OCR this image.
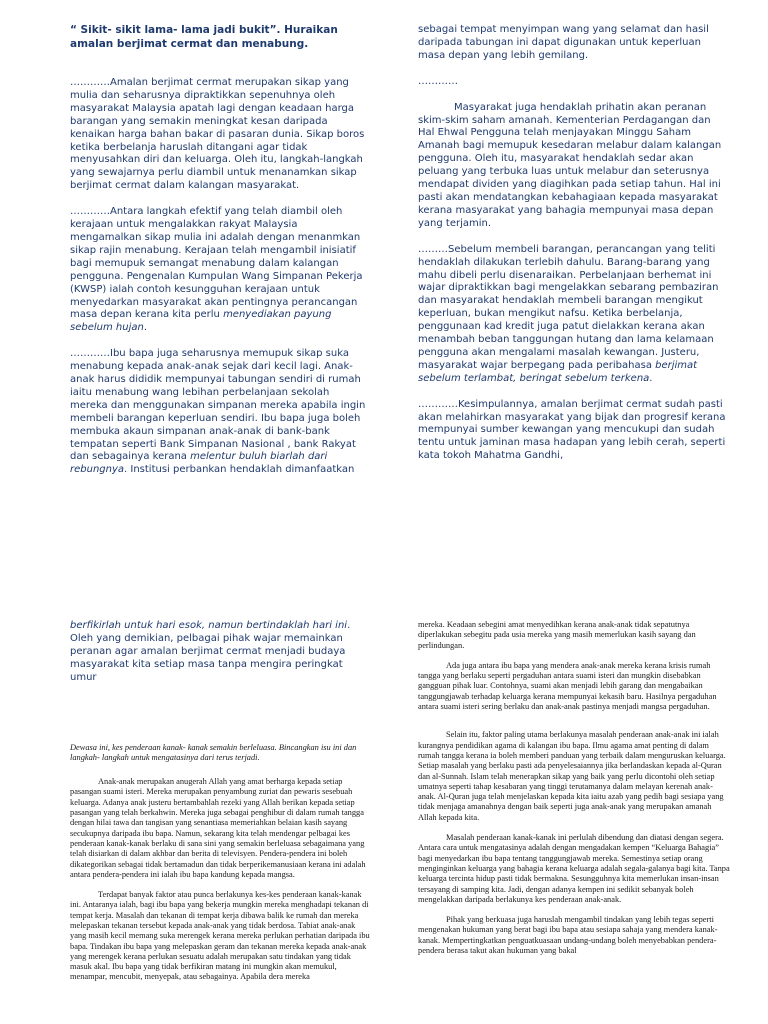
“ Sikit- sikit lama- lama jadi bukit”. Huraikan amalan berjimat cermat dan menabung.

…………Amalan berjimat cermat merupakan sikap yang mulia dan seharusnya dipraktikkan sepenuhnya oleh masyarakat Malaysia apatah lagi dengan keadaan harga barangan yang semakin meningkat kesan daripada kenaikan harga bahan bakar di pasaran dunia. Sikap boros ketika berbelanja haruslah ditangani agar tidak menyusahkan diri dan keluarga. Oleh itu, langkah-langkah yang sewajarnya perlu diambil untuk menanamkan sikap berjimat cermat dalam kalangan masyarakat.

…………Antara langkah efektif yang telah diambil oleh kerajaan untuk mengalakkan rakyat Malaysia mengamalkan sikap mulia ini adalah dengan menanmkan sikap rajin menabung. Kerajaan telah mengambil inisiatif bagi memupuk semangat menabung dalam kalangan pengguna. Pengenalan Kumpulan Wang Simpanan Pekerja (KWSP) ialah contoh kesungguhan kerajaan untuk menyedarkan masyarakat akan pentingnya perancangan masa depan kerana kita perlu menyediakan payung sebelum hujan.

…………Ibu bapa juga seharusnya memupuk sikap suka menabung kepada anak-anak sejak dari kecil lagi. Anak-anak harus dididik mempunyai tabungan sendiri di rumah iaitu menabung wang lebihan perbelanjaan sekolah mereka dan menggunakan simpanan mereka apabila ingin membeli barangan keperluan sendiri. Ibu bapa juga boleh membuka akaun simpanan anak-anak di bank-bank tempatan seperti Bank Simpanan Nasional , bank Rakyat dan sebagainya kerana melentur buluh biarlah dari rebungnya. Institusi perbankan hendaklah dimanfaatkan

sebagai tempat menyimpan wang yang selamat dan hasil daripada tabungan ini dapat digunakan untuk keperluan masa depan yang lebih gemilang.

…………

Masyarakat juga hendaklah prihatin akan peranan skim-skim saham amanah. Kementerian Perdagangan dan Hal Ehwal Pengguna telah menjayakan Minggu Saham Amanah bagi memupuk kesedaran melabur dalam kalangan pengguna. Oleh itu, masyarakat hendaklah sedar akan peluang yang terbuka luas untuk melabur dan seterusnya mendapat dividen yang diagihkan pada setiap tahun. Hal ini pasti akan mendatangkan kebahagiaan kepada masyarakat kerana masyarakat yang bahagia mempunyai masa depan yang terjamin.

………Sebelum membeli barangan, perancangan yang teliti hendaklah dilakukan terlebih dahulu. Barang-barang yang mahu dibeli perlu disenaraikan. Perbelanjaan berhemat ini wajar dipraktikkan bagi mengelakkan sebarang pembaziran dan masyarakat hendaklah membeli barangan mengikut keperluan, bukan mengikut nafsu. Ketika berbelanja, penggunaan kad kredit juga patut dielakkan kerana akan menambah beban tanggungan hutang dan lama kelamaan pengguna akan mengalami masalah kewangan. Justeru, masyarakat wajar berpegang pada peribahasa berjimat sebelum terlambat, beringat sebelum terkena.

…………Kesimpulannya, amalan berjimat cermat sudah pasti akan melahirkan masyarakat yang bijak dan progresif kerana mempunyai sumber kewangan yang mencukupi dan sudah tentu untuk jaminan masa hadapan yang lebih cerah, seperti kata tokoh Mahatma Gandhi,

berfikirlah untuk hari esok, namun bertindaklah hari ini. Oleh yang demikian, pelbagai pihak wajar memainkan peranan agar amalan berjimat cermat menjadi budaya masyarakat kita setiap masa tanpa mengira peringkat umur

Dewasa ini, kes penderaan kanak- kanak semakin berleluasa. Bincangkan isu ini dan langkah- langkah untuk mengatasinya dari terus terjadi.

Anak-anak merupakan anugerah Allah yang amat berharga kepada setiap pasangan suami isteri. Mereka merupakan penyambung zuriat dan pewaris sesebuah keluarga. Adanya anak justeru bertambahlah rezeki yang Allah berikan kepada setiap pasangan yang telah berkahwin. Mereka juga sebagai penghibur di dalam rumah tangga dengan hilai tawa dan tangisan yang senantiasa memeriahkan belaian kasih sayang secukupnya daripada ibu bapa. Namun, sekarang kita telah mendengar pelbagai kes penderaan kanak-kanak berlaku di sana sini yang semakin berleluasa sebagaimana yang telah disiarkan di dalam akhbar dan berita di televisyen. Pendera-pendera ini boleh dikategorikan sebagai tidak bertamadun dan tidak berperikemanusiaan kerana ini adalah antara pendera-pendera ini ialah ibu bapa kandung kepada mangsa.

Terdapat banyak faktor atau punca berlakunya kes-kes penderaan kanak-kanak ini. Antaranya ialah, bagi ibu bapa yang bekerja mungkin mereka menghadapi tekanan di tempat kerja. Masalah dan tekanan di tempat kerja dibawa balik ke rumah dan mereka melepaskan tekanan tersebut kepada anak-anak yang tidak berdosa. Tabiat anak-anak yang masih kecil memang suka merengek kerana mereka perlukan perhatian daripada ibu bapa. Tindakan ibu bapa yang melepaskan geram dan tekanan mereka kepada anak-anak yang merengek kerana perlukan sesuatu adalah merupakan satu tindakan yang tidak masuk akal. Ibu bapa yang tidak berfikiran matang ini mungkin akan memukul, menampar, mencubit, menyepak, atau sebagainya. Apabila dera mereka

mereka. Keadaan sebegini amat menyedihkan kerana anak-anak tidak sepatutnya diperlakukan sebegitu pada usia mereka yang masih memerlukan kasih sayang dan perlindungan.

Ada juga antara ibu bapa yang mendera anak-anak mereka kerana krisis rumah tangga yang berlaku seperti pergaduhan antara suami isteri dan mungkin disebabkan gangguan pihak luar. Contohnya, suami akan menjadi lebih garang dan mengabaikan tanggungjawab terhadap keluarga kerana mempunyai kekasih baru. Hasilnya pergaduhan antara suami isteri sering berlaku dan anak-anak pastinya menjadi mangsa pergaduhan.

Selain itu, faktor paling utama berlakunya masalah penderaan anak-anak ini ialah kurangnya pendidikan agama di kalangan ibu bapa. Ilmu agama amat penting di dalam rumah tangga kerana ia boleh memberi panduan yang terbaik dalam menguruskan keluarga. Setiap masalah yang berlaku pasti ada penyelesaiannya jika berlandaskan kepada al-Quran dan al-Sunnah. Islam telah menerapkan sikap yang baik yang perlu dicontohi oleh setiap umatnya seperti tahap kesabaran yang tinggi terutamanya dalam melayan kerenah anak-anak. Al-Quran juga telah menjelaskan kepada kita iaitu azab yang pedih bagi sesiapa yang tidak menjaga amanahnya dengan baik seperti juga anak-anak yang merupakan amanah Allah kepada kita.

Masalah penderaan kanak-kanak ini perlulah dibendung dan diatasi dengan segera. Antara cara untuk mengatasinya adalah dengan mengadakan kempen “Keluarga Bahagia” bagi menyedarkan ibu bapa tentang tanggungjawab mereka. Semestinya setiap orang menginginkan keluarga yang bahagia kerana keluarga adalah segala-galanya bagi kita. Tanpa keluarga tercinta hidup pasti tidak bermakna. Sesungguhnya kita memerlukan insan-insan tersayang di samping kita. Jadi, dengan adanya kempen ini sedikit sebanyak boleh mengelakkan daripada berlakunya kes penderaan anak-anak.

Pihak yang berkuasa juga haruslah mengambil tindakan yang lebih tegas seperti mengenakan hukuman yang berat bagi ibu bapa atau sesiapa sahaja yang mendera kanak-kanak. Mempertingkatkan penguatkuasaan undang-undang boleh menyebabkan pendera-pendera berasa takut akan hukuman yang bakal
